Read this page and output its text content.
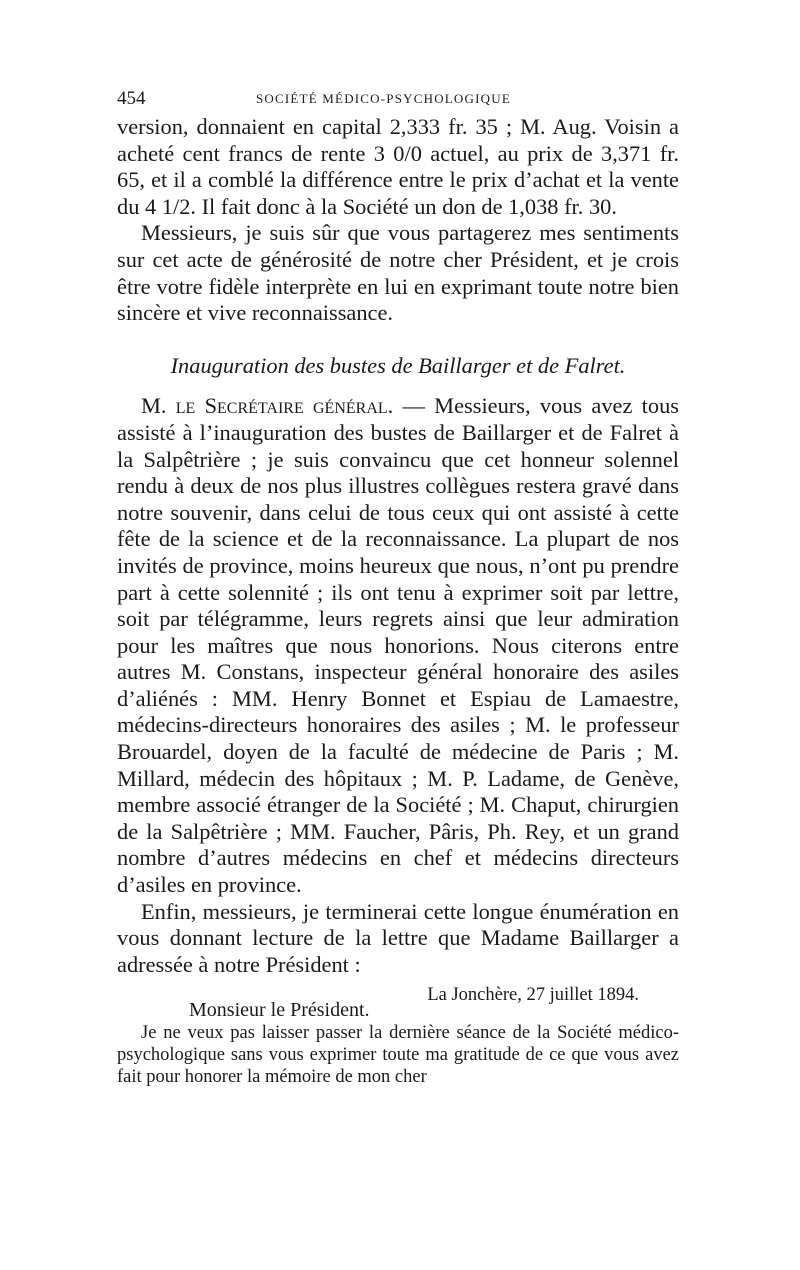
454	SOCIÉTÉ MÉDICO-PSYCHOLOGIQUE

version, donnaient en capital 2,333 fr. 35 ; M. Aug. Voisin a acheté cent francs de rente 3 0/0 actuel, au prix de 3,371 fr. 65, et il a comblé la différence entre le prix d’achat et la vente du 4 1/2. Il fait donc à la Société un don de 1,038 fr. 30.

Messieurs, je suis sûr que vous partagerez mes sentiments sur cet acte de générosité de notre cher Président, et je crois être votre fidèle interprète en lui en exprimant toute notre bien sincère et vive reconnaissance.

Inauguration des bustes de Baillarger et de Falret.

M. le Secrétaire général. — Messieurs, vous avez tous assisté à l’inauguration des bustes de Baillarger et de Falret à la Salpêtrière ; je suis convaincu que cet honneur solennel rendu à deux de nos plus illustres collègues restera gravé dans notre souvenir, dans celui de tous ceux qui ont assisté à cette fête de la science et de la reconnaissance. La plupart de nos invités de province, moins heureux que nous, n’ont pu prendre part à cette solennité ; ils ont tenu à exprimer soit par lettre, soit par télégramme, leurs regrets ainsi que leur admiration pour les maîtres que nous honorions. Nous citerons entre autres M. Constans, inspecteur général honoraire des asiles d’aliénés : MM. Henry Bonnet et Espiau de Lamaestre, médecins-directeurs honoraires des asiles ; M. le professeur Brouardel, doyen de la faculté de médecine de Paris ; M. Millard, médecin des hôpitaux ; M. P. Ladame, de Genève, membre associé étranger de la Société ; M. Chaput, chirurgien de la Salpêtrière ; MM. Faucher, Pâris, Ph. Rey, et un grand nombre d’autres médecins en chef et médecins directeurs d’asiles en province.

Enfin, messieurs, je terminerai cette longue énumération en vous donnant lecture de la lettre que Madame Baillarger a adressée à notre Président :

La Jonchère, 27 juillet 1894.
Monsieur le Président.

Je ne veux pas laisser passer la dernière séance de la Société médico-psychologique sans vous exprimer toute ma gratitude de ce que vous avez fait pour honorer la mémoire de mon cher
